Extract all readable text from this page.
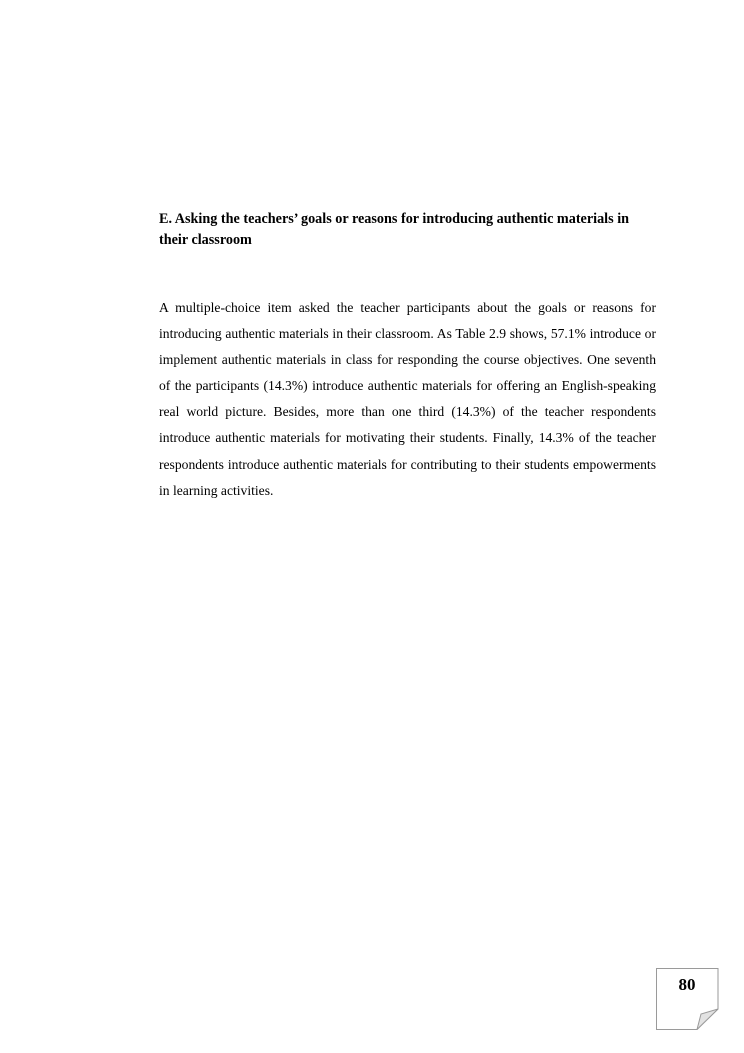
E. Asking the teachers’ goals or reasons for introducing authentic materials in their classroom

A multiple-choice item asked the teacher participants about the goals or reasons for introducing authentic materials in their classroom. As Table 2.9 shows, 57.1% introduce or implement authentic materials in class for responding the course objectives. One seventh of the participants (14.3%) introduce authentic materials for offering an English-speaking real world picture. Besides, more than one third (14.3%) of the teacher respondents introduce authentic materials for motivating their students. Finally, 14.3% of the teacher respondents introduce authentic materials for contributing to their students empowerments in learning activities.

80
